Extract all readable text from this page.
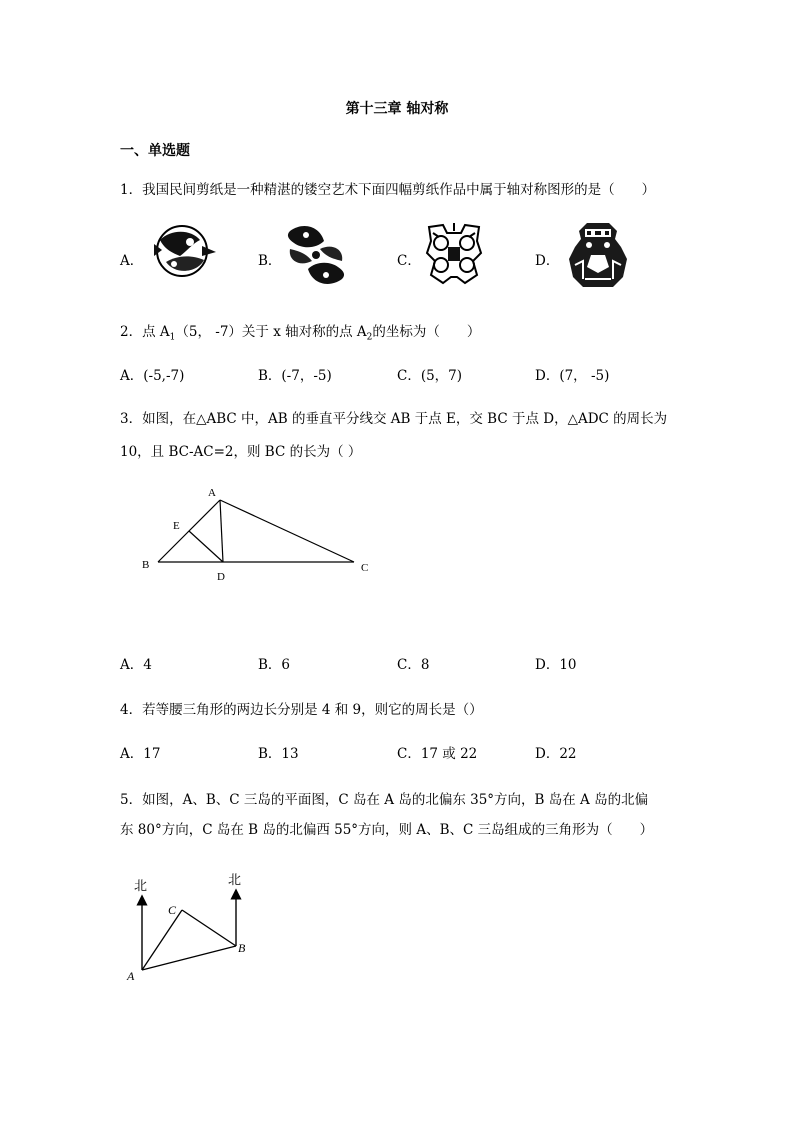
第十三章 轴对称
一、单选题
1．我国民间剪纸是一种精湛的镂空艺术下面四幅剪纸作品中属于轴对称图形的是（　　）
A．	B．	C．	D．
2．点 $A_1(5$， -7）关于 x 轴对称的点 $A_2$的坐标为（　　）
A．(-5,-7)	B．(-7，-5)	C．(5，7)	D．(7， -5)
3．如图，在△ABC 中，AB 的垂直平分线交 AB 于点 E，交 BC 于点 D，△ADC 的周长为
10，且 BC-AC=2，则 BC 的长为（ ）
A
B	C
D
E
A．4	B．6	C．8	D．10
4．若等腰三角形的两边长分别是 4 和 9，则它的周长是（）
A．17	B．13	C．17 或 22	D．22
5．如图，A、B、C 三岛的平面图，C 岛在 A 岛的北偏东 35°方向，B 岛在 A 岛的北偏
东 80°方向，C 岛在 B 岛的北偏西 55°方向，则 A、B、C 三岛组成的三角形为（　　）
北	北
A
B
C
